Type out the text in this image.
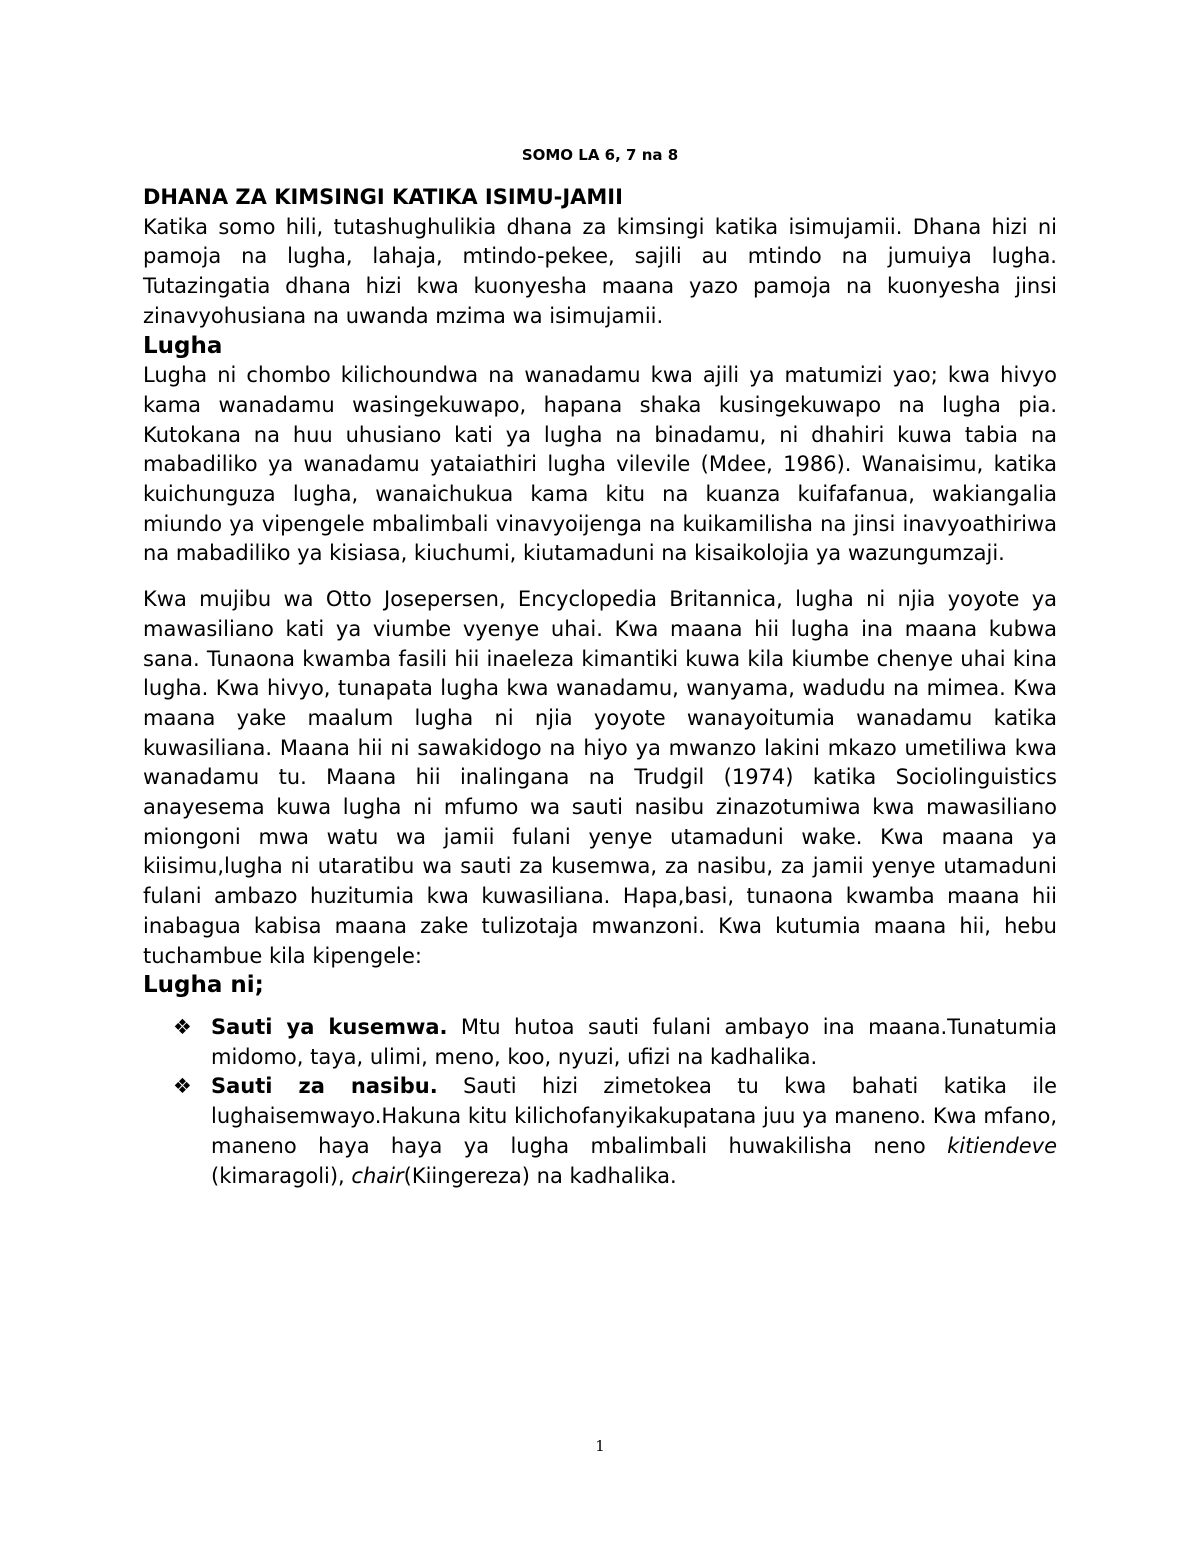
SOMO LA 6, 7 na 8

DHANA ZA KIMSINGI KATIKA ISIMU-JAMII

Katika somo hili, tutashughulikia dhana za kimsingi katika isimujamii. Dhana hizi ni pamoja na lugha, lahaja, mtindo-pekee, sajili au mtindo na jumuiya lugha. Tutazingatia dhana hizi kwa kuonyesha maana yazo pamoja na kuonyesha jinsi zinavyohusiana na uwanda mzima wa isimujamii.

Lugha

Lugha ni chombo kilichoundwa na wanadamu kwa ajili ya matumizi yao; kwa hivyo kama wanadamu wasingekuwapo, hapana shaka kusingekuwapo na lugha pia. Kutokana na huu uhusiano kati ya lugha na binadamu, ni dhahiri kuwa tabia na mabadiliko ya wanadamu yataiathiri lugha vilevile (Mdee, 1986). Wanaisimu, katika kuichunguza lugha, wanaichukua kama kitu na kuanza kuifafanua, wakiangalia miundo ya vipengele mbalimbali vinavyoijenga na kuikamilisha na jinsi inavyoathiriwa na mabadiliko ya kisiasa, kiuchumi, kiutamaduni na kisaikolojia ya wazungumzaji.

Kwa mujibu wa Otto Josepersen, Encyclopedia Britannica, lugha ni njia yoyote ya mawasiliano kati ya viumbe vyenye uhai. Kwa maana hii lugha ina maana kubwa sana. Tunaona kwamba fasili hii inaeleza kimantiki kuwa kila kiumbe chenye uhai kina lugha. Kwa hivyo, tunapata lugha kwa wanadamu, wanyama, wadudu na mimea. Kwa maana yake maalum lugha ni njia yoyote wanayoitumia wanadamu katika kuwasiliana. Maana hii ni sawakidogo na hiyo ya mwanzo lakini mkazo umetiliwa kwa wanadamu tu. Maana hii inalingana na Trudgil (1974) katika Sociolinguistics anayesema kuwa lugha ni mfumo wa sauti nasibu zinazotumiwa kwa mawasiliano miongoni mwa watu wa jamii fulani yenye utamaduni wake. Kwa maana ya kiisimu,lugha ni utaratibu wa sauti za kusemwa, za nasibu, za jamii yenye utamaduni fulani ambazo huzitumia kwa kuwasiliana. Hapa,basi, tunaona kwamba maana hii inabagua kabisa maana zake tulizotaja mwanzoni. Kwa kutumia maana hii, hebu tuchambue kila kipengele:

Lugha ni;

❖ Sauti ya kusemwa. Mtu hutoa sauti fulani ambayo ina maana.Tunatumia midomo, taya, ulimi, meno, koo, nyuzi, ufizi na kadhalika.
❖ Sauti za nasibu. Sauti hizi zimetokea tu kwa bahati katika ile lughaisemwayo.Hakuna kitu kilichofanyikakupatana juu ya maneno. Kwa mfano, maneno haya haya ya lugha mbalimbali huwakilisha neno kitiendeve (kimaragoli), chair(Kiingereza) na kadhalika.
1
